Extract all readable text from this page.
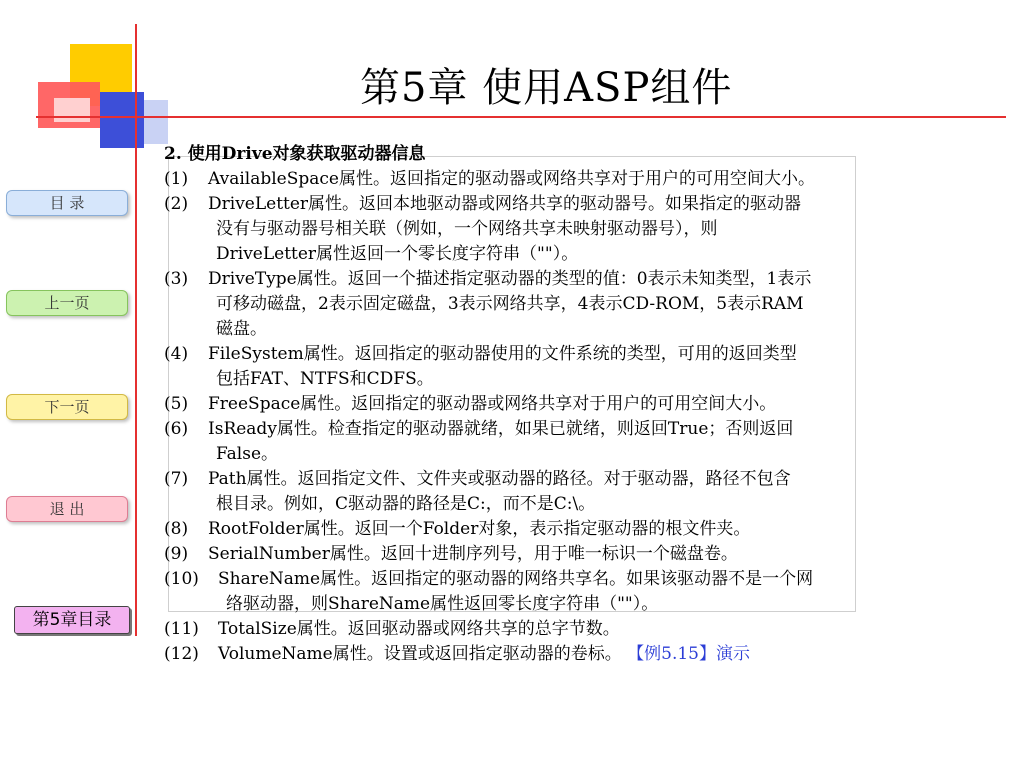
第5章 使用ASP组件
目 录
上一页
下一页
退 出
第5章目录
2. 使用Drive对象获取驱动器信息
(1) AvailableSpace属性。返回指定的驱动器或网络共享对于用户的可用空间大小。
(2) DriveLetter属性。返回本地驱动器或网络共享的驱动器号。如果指定的驱动器
没有与驱动器号相关联（例如，一个网络共享未映射驱动器号），则
DriveLetter属性返回一个零长度字符串（""）。
(3) DriveType属性。返回一个描述指定驱动器的类型的值：0表示未知类型，1表示
可移动磁盘，2表示固定磁盘，3表示网络共享，4表示CD-ROM，5表示RAM
磁盘。
(4) FileSystem属性。返回指定的驱动器使用的文件系统的类型，可用的返回类型
包括FAT、NTFS和CDFS。
(5) FreeSpace属性。返回指定的驱动器或网络共享对于用户的可用空间大小。
(6) IsReady属性。检查指定的驱动器就绪，如果已就绪，则返回True；否则返回
False。
(7) Path属性。返回指定文件、文件夹或驱动器的路径。对于驱动器，路径不包含
根目录。例如，C驱动器的路径是C:，而不是C:\。
(8) RootFolder属性。返回一个Folder对象，表示指定驱动器的根文件夹。
(9) SerialNumber属性。返回十进制序列号，用于唯一标识一个磁盘卷。
(10) ShareName属性。返回指定的驱动器的网络共享名。如果该驱动器不是一个网
络驱动器，则ShareName属性返回零长度字符串（""）。
(11) TotalSize属性。返回驱动器或网络共享的总字节数。
(12) VolumeName属性。设置或返回指定驱动器的卷标。 【例5.15】演示
